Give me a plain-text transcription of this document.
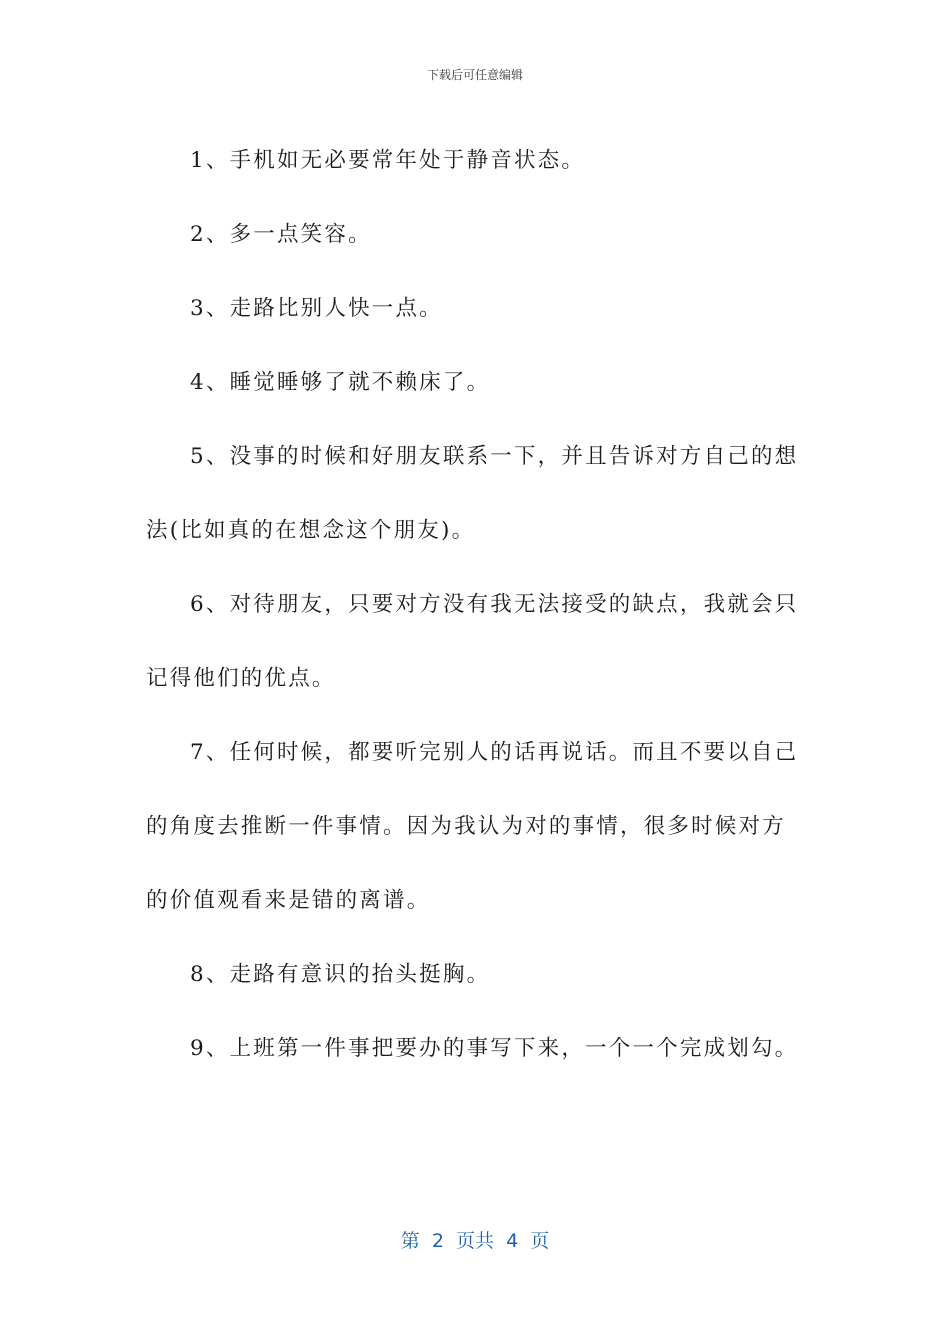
下载后可任意编辑

1、手机如无必要常年处于静音状态。

2、多一点笑容。

3、走路比别人快一点。

4、睡觉睡够了就不赖床了。

5、没事的时候和好朋友联系一下，并且告诉对方自己的想法(比如真的在想念这个朋友)。

6、对待朋友，只要对方没有我无法接受的缺点，我就会只记得他们的优点。

7、任何时候，都要听完别人的话再说话。而且不要以自己的角度去推断一件事情。因为我认为对的事情，很多时候对方的价值观看来是错的离谱。

8、走路有意识的抬头挺胸。

9、上班第一件事把要办的事写下来，一个一个完成划勾。

第  2  页共  4  页
